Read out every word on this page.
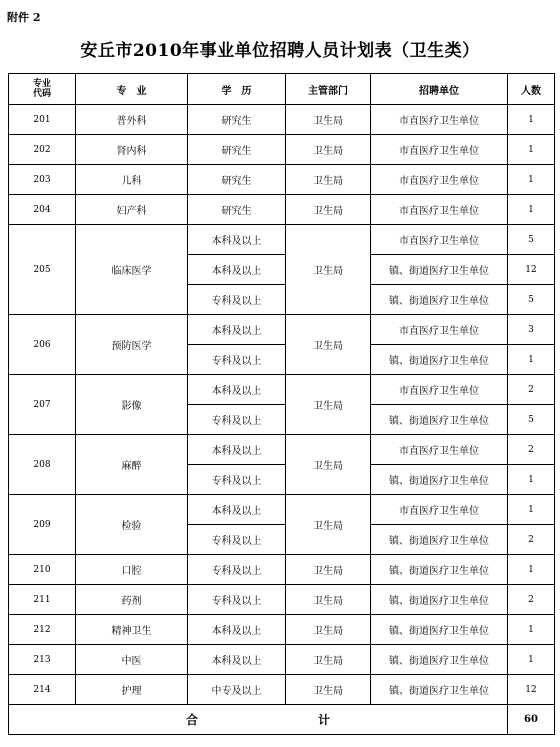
附件 2
安丘市2010年事业单位招聘人员计划表（卫生类）
专业
代码	专　业	学　历	主管部门	招聘单位	人数
201	普外科	研究生	卫生局	市直医疗卫生单位	1
202	肾内科	研究生	卫生局	市直医疗卫生单位	1
203	儿科	研究生	卫生局	市直医疗卫生单位	1
204	妇产科	研究生	卫生局	市直医疗卫生单位	1
205	临床医学	本科及以上	卫生局	市直医疗卫生单位	5
		本科及以上		镇、街道医疗卫生单位	12
		专科及以上		镇、街道医疗卫生单位	5
206	预防医学	本科及以上	卫生局	市直医疗卫生单位	3
		专科及以上		镇、街道医疗卫生单位	1
207	影像	本科及以上	卫生局	市直医疗卫生单位	2
		专科及以上		镇、街道医疗卫生单位	5
208	麻醉	本科及以上	卫生局	市直医疗卫生单位	2
		专科及以上		镇、街道医疗卫生单位	1
209	检验	本科及以上	卫生局	市直医疗卫生单位	1
		专科及以上		镇、街道医疗卫生单位	2
210	口腔	专科及以上	卫生局	镇、街道医疗卫生单位	1
211	药剂	专科及以上	卫生局	镇、街道医疗卫生单位	2
212	精神卫生	本科及以上	卫生局	镇、街道医疗卫生单位	1
213	中医	本科及以上	卫生局	镇、街道医疗卫生单位	1
214	护理	中专及以上	卫生局	镇、街道医疗卫生单位	12
合 计					60
